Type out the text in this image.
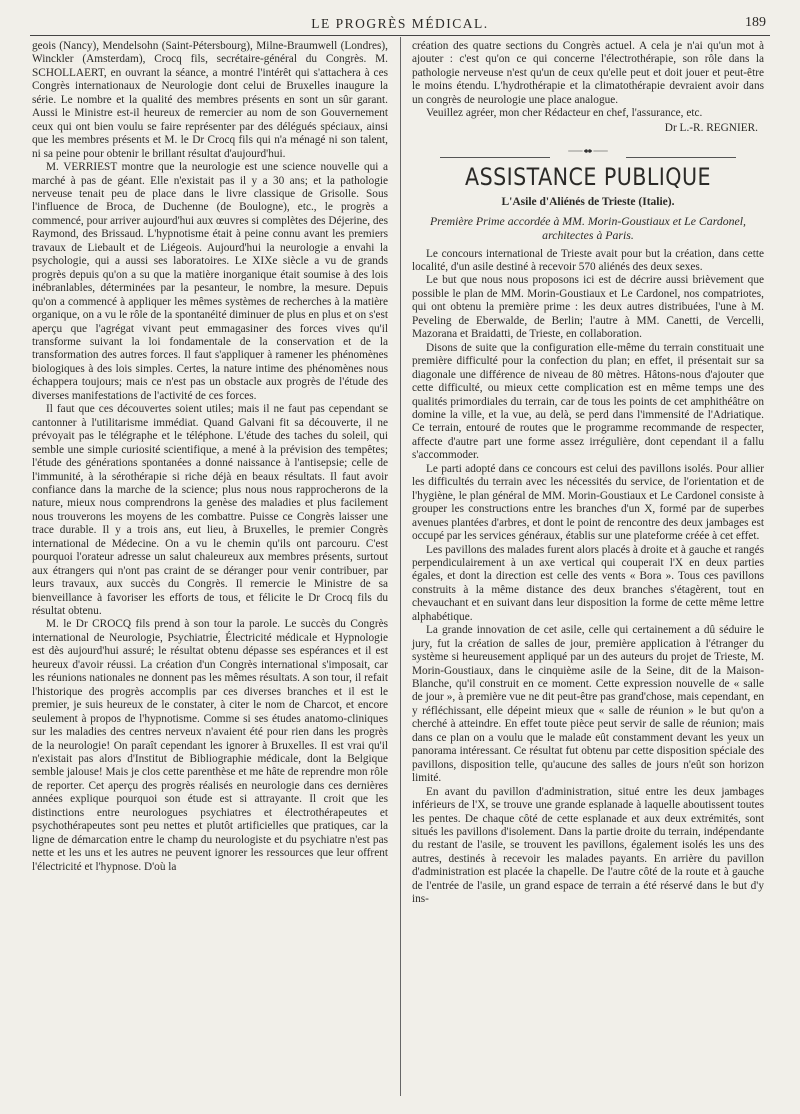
LE PROGRÈS MÉDICAL.	189

geois (Nancy), Mendelsohn (Saint-Pétersbourg), Milne-Braumwell (Londres), Winckler (Amsterdam), Crocq fils, secrétaire-général du Congrès. M. SCHOLLAERT, en ouvrant la séance, a montré l'intérêt qui s'attachera à ces Congrès internationaux de Neurologie dont celui de Bruxelles inaugure la série. Le nombre et la qualité des membres présents en sont un sûr garant. Aussi le Ministre est-il heureux de remercier au nom de son Gouvernement ceux qui ont bien voulu se faire représenter par des délégués spéciaux, ainsi que les membres présents et M. le Dr Crocq fils qui n'a ménagé ni son talent, ni sa peine pour obtenir le brillant résultat d'aujourd'hui.

M. VERRIEST montre que la neurologie est une science nouvelle qui a marché à pas de géant. Elle n'existait pas il y a 30 ans; et la pathologie nerveuse tenait peu de place dans le livre classique de Grisolle. Sous l'influence de Broca, de Duchenne (de Boulogne), etc., le progrès a commencé, pour arriver aujourd'hui aux œuvres si complètes des Déjerine, des Raymond, des Brissaud. L'hypnotisme était à peine connu avant les premiers travaux de Liebault et de Liégeois. Aujourd'hui la neurologie a envahi la psychologie, qui a aussi ses laboratoires. Le XIXe siècle a vu de grands progrès depuis qu'on a su que la matière inorganique était soumise à des lois inébranlables, déterminées par la pesanteur, le nombre, la mesure. Depuis qu'on a commencé à appliquer les mêmes systèmes de recherches à la matière organique, on a vu le rôle de la spontanéité diminuer de plus en plus et on s'est aperçu que l'agrégat vivant peut emmagasiner des forces vives qu'il transforme suivant la loi fondamentale de la conservation et de la transformation des autres forces. Il faut s'appliquer à ramener les phénomènes biologiques à des lois simples. Certes, la nature intime des phénomènes nous échappera toujours; mais ce n'est pas un obstacle aux progrès de l'étude des diverses manifestations de l'activité de ces forces.

Il faut que ces découvertes soient utiles; mais il ne faut pas cependant se cantonner à l'utilitarisme immédiat. Quand Galvani fit sa découverte, il ne prévoyait pas le télégraphe et le téléphone. L'étude des taches du soleil, qui semble une simple curiosité scientifique, a mené à la prévision des tempêtes; l'étude des générations spontanées a donné naissance à l'antisepsie; celle de l'immunité, à la sérothérapie si riche déjà en beaux résultats. Il faut avoir confiance dans la marche de la science; plus nous nous rapprocherons de la nature, mieux nous comprendrons la genèse des maladies et plus facilement nous trouverons les moyens de les combattre. Puisse ce Congrès laisser une trace durable. Il y a trois ans, eut lieu, à Bruxelles, le premier Congrès international de Médecine. On a vu le chemin qu'ils ont parcouru. C'est pourquoi l'orateur adresse un salut chaleureux aux membres présents, surtout aux étrangers qui n'ont pas craint de se déranger pour venir contribuer, par leurs travaux, aux succès du Congrès. Il remercie le Ministre de sa bienveillance à favoriser les efforts de tous, et félicite le Dr Crocq fils du résultat obtenu.

M. le Dr CROCQ fils prend à son tour la parole. Le succès du Congrès international de Neurologie, Psychiatrie, Électricité médicale et Hypnologie est dès aujourd'hui assuré; le résultat obtenu dépasse ses espérances et il est heureux d'avoir réussi. La création d'un Congrès international s'imposait, car les réunions nationales ne donnent pas les mêmes résultats. A son tour, il refait l'historique des progrès accomplis par ces diverses branches et il est le premier, je suis heureux de le constater, à citer le nom de Charcot, et encore seulement à propos de l'hypnotisme. Comme si ses études anatomo-cliniques sur les maladies des centres nerveux n'avaient été pour rien dans les progrès de la neurologie! On paraît cependant les ignorer à Bruxelles. Il est vrai qu'il n'existait pas alors d'Institut de Bibliographie médicale, dont la Belgique semble jalouse! Mais je clos cette parenthèse et me hâte de reprendre mon rôle de reporter. Cet aperçu des progrès réalisés en neurologie dans ces dernières années explique pourquoi son étude est si attrayante. Il croit que les distinctions entre neurologues psychiatres et électrothérapeutes et psychothérapeutes sont peu nettes et plutôt artificielles que pratiques, car la ligne de démarcation entre le champ du neurologiste et du psychiatre n'est pas nette et les uns et les autres ne peuvent ignorer les ressources que leur offrent l'électricité et l'hypnose. D'où la

création des quatre sections du Congrès actuel. A cela je n'ai qu'un mot à ajouter : c'est qu'on ce qui concerne l'électrothérapie, son rôle dans la pathologie nerveuse n'est qu'un de ceux qu'elle peut et doit jouer et peut-être le moins étendu. L'hydrothérapie et la climatothérapie devraient avoir dans un congrès de neurologie une place analogue.

Veuillez agréer, mon cher Rédacteur en chef, l'assurance, etc.

Dr L.-R. REGNIER.

ASSISTANCE PUBLIQUE
L'Asile d'Aliénés de Trieste (Italie).
Première Prime accordée à MM. Morin-Goustiaux et Le Cardonel, architectes à Paris.

Le concours international de Trieste avait pour but la création, dans cette localité, d'un asile destiné à recevoir 570 aliénés des deux sexes.

Le but que nous nous proposons ici est de décrire aussi brièvement que possible le plan de MM. Morin-Goustiaux et Le Cardonel, nos compatriotes, qui ont obtenu la première prime : les deux autres distribuées, l'une à M. Peveling de Eberwalde, de Berlin; l'autre à MM. Canetti, de Vercelli, Mazorana et Braidatti, de Trieste, en collaboration.

Disons de suite que la configuration elle-même du terrain constituait une première difficulté pour la confection du plan; en effet, il présentait sur sa diagonale une différence de niveau de 80 mètres. Hâtons-nous d'ajouter que cette difficulté, ou mieux cette complication est en même temps une des qualités primordiales du terrain, car de tous les points de cet amphithéâtre on domine la ville, et la vue, au delà, se perd dans l'immensité de l'Adriatique. Ce terrain, entouré de routes que le programme recommande de respecter, affecte d'autre part une forme assez irrégulière, dont cependant il a fallu s'accommoder.

Le parti adopté dans ce concours est celui des pavillons isolés. Pour allier les difficultés du terrain avec les nécessités du service, de l'orientation et de l'hygiène, le plan général de MM. Morin-Goustiaux et Le Cardonel consiste à grouper les constructions entre les branches d'un X, formé par de superbes avenues plantées d'arbres, et dont le point de rencontre des deux jambages est occupé par les services généraux, établis sur une plateforme créée à cet effet.

Les pavillons des malades furent alors placés à droite et à gauche et rangés perpendiculairement à un axe vertical qui couperait l'X en deux parties égales, et dont la direction est celle des vents « Bora ». Tous ces pavillons construits à la même distance des deux branches s'étagèrent, tout en chevauchant et en suivant dans leur disposition la forme de cette même lettre alphabétique.

La grande innovation de cet asile, celle qui certainement a dû séduire le jury, fut la création de salles de jour, première application à l'étranger du système si heureusement appliqué par un des auteurs du projet de Trieste, M. Morin-Goustiaux, dans le cinquième asile de la Seine, dit de la Maison-Blanche, qu'il construit en ce moment. Cette expression nouvelle de « salle de jour », à première vue ne dit peut-être pas grand'chose, mais cependant, en y réfléchissant, elle dépeint mieux que « salle de réunion » le but qu'on a cherché à atteindre. En effet toute pièce peut servir de salle de réunion; mais dans ce plan on a voulu que le malade eût constamment devant les yeux un panorama intéressant. Ce résultat fut obtenu par cette disposition spéciale des pavillons, disposition telle, qu'aucune des salles de jours n'eût son horizon limité.

En avant du pavillon d'administration, situé entre les deux jambages inférieurs de l'X, se trouve une grande esplanade à laquelle aboutissent toutes les pentes. De chaque côté de cette esplanade et aux deux extrémités, sont situés les pavillons d'isolement. Dans la partie droite du terrain, indépendante du restant de l'asile, se trouvent les pavillons, également isolés les uns des autres, destinés à recevoir les malades payants. En arrière du pavillon d'administration est placée la chapelle. De l'autre côté de la route et à gauche de l'entrée de l'asile, un grand espace de terrain a été réservé dans le but d'y ins-
